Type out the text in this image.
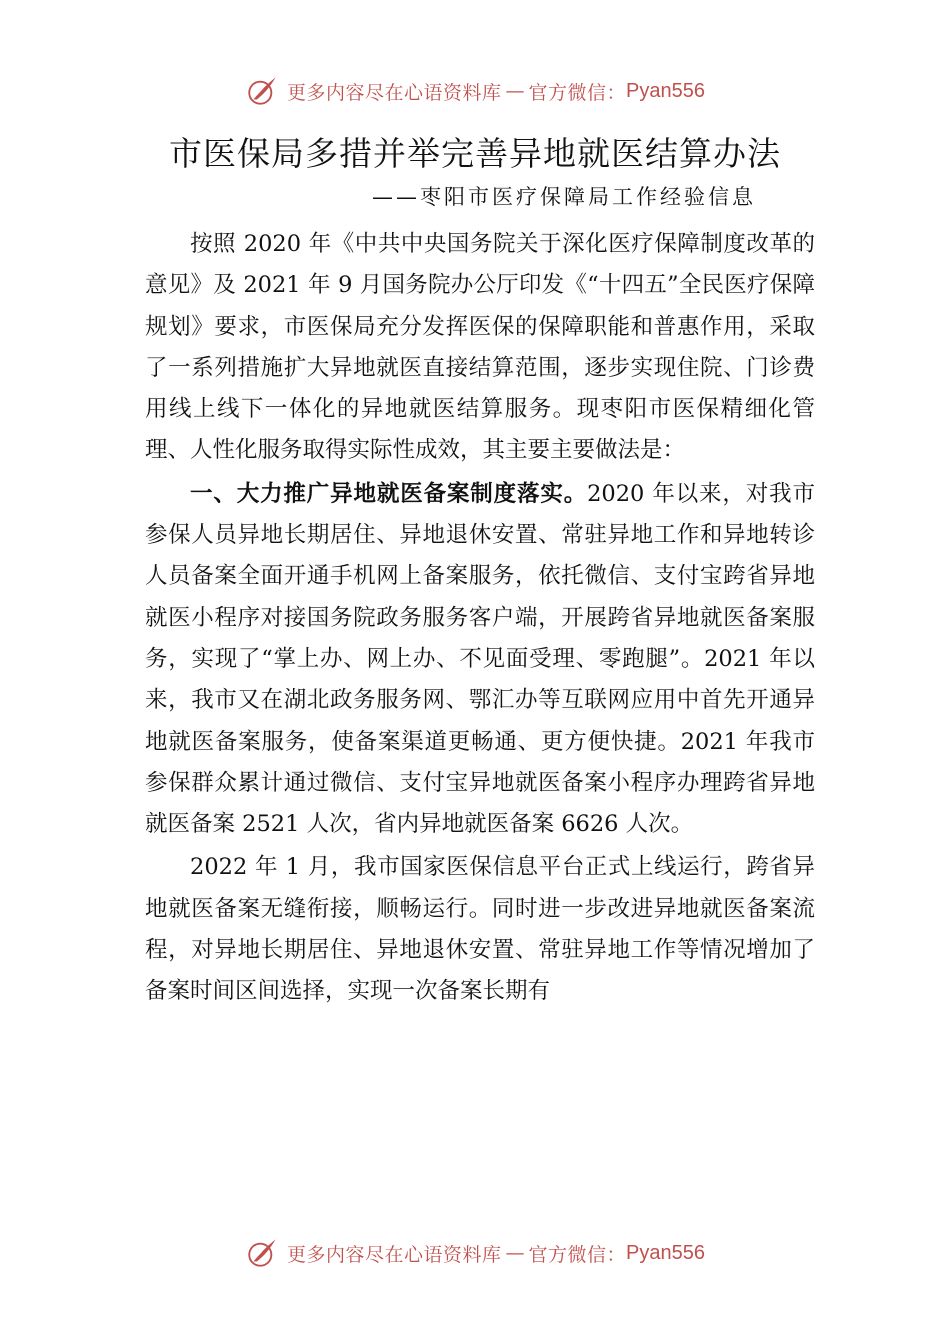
更多内容尽在心语资料库 — 官方微信： Pyan556
市医保局多措并举完善异地就医结算办法
——枣阳市医疗保障局工作经验信息

按照 2020 年《中共中央国务院关于深化医疗保障制度改革的意见》及 2021 年 9 月国务院办公厅印发《“十四五”全民医疗保障规划》要求，市医保局充分发挥医保的保障职能和普惠作用，采取了一系列措施扩大异地就医直接结算范围，逐步实现住院、门诊费用线上线下一体化的异地就医结算服务。现枣阳市医保精细化管理、人性化服务取得实际性成效，其主要主要做法是：

一、大力推广异地就医备案制度落实。2020 年以来，对我市参保人员异地长期居住、异地退休安置、常驻异地工作和异地转诊人员备案全面开通手机网上备案服务，依托微信、支付宝跨省异地就医小程序对接国务院政务服务客户端，开展跨省异地就医备案服务，实现了“掌上办、网上办、不见面受理、零跑腿”。2021 年以来，我市又在湖北政务服务网、鄂汇办等互联网应用中首先开通异地就医备案服务，使备案渠道更畅通、更方便快捷。2021 年我市参保群众累计通过微信、支付宝异地就医备案小程序办理跨省异地就医备案 2521 人次，省内异地就医备案 6626 人次。

2022 年 1 月，我市国家医保信息平台正式上线运行，跨省异地就医备案无缝衔接，顺畅运行。同时进一步改进异地就医备案流程，对异地长期居住、异地退休安置、常驻异地工作等情况增加了备案时间区间选择，实现一次备案长期有

更多内容尽在心语资料库 — 官方微信： Pyan556
